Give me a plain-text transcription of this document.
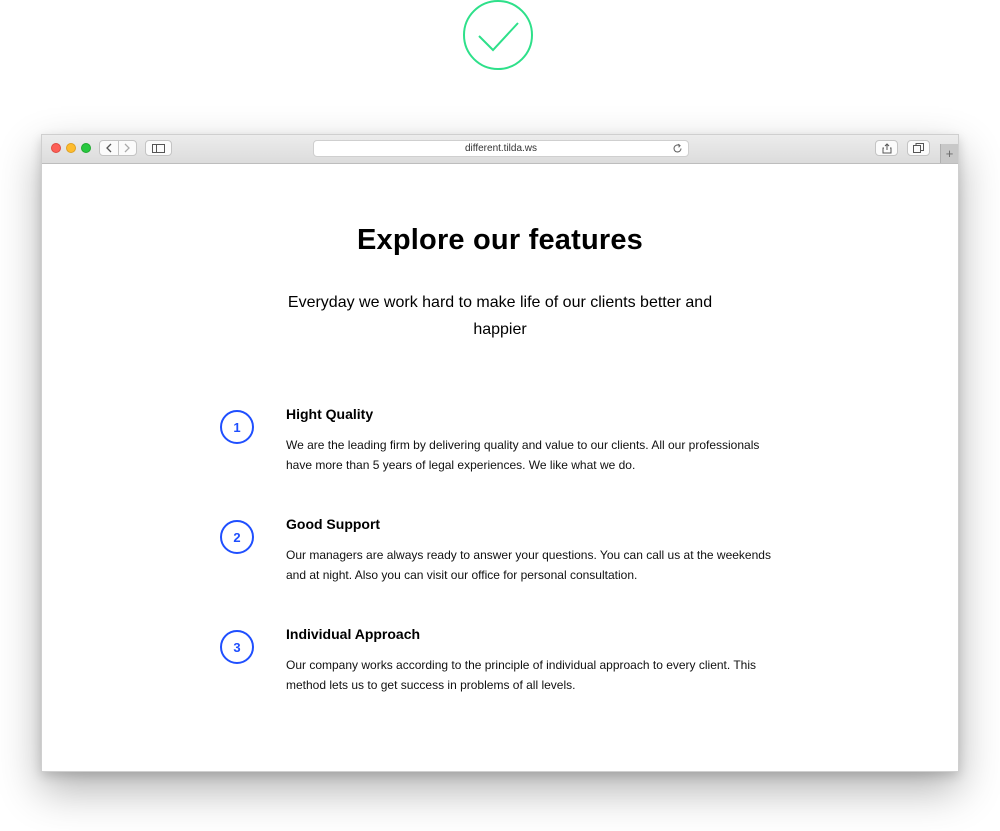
different.tilda.ws	+
Explore our features
Everyday we work hard to make life of our clients better and happier
1
Hight Quality
We are the leading firm by delivering quality and value to our clients. All our professionals have more than 5 years of legal experiences. We like what we do.
2
Good Support
Our managers are always ready to answer your questions. You can call us at the weekends and at night. Also you can visit our office for personal consultation.
3
Individual Approach
Our company works according to the principle of individual approach to every client. This method lets us to get success in problems of all levels.
